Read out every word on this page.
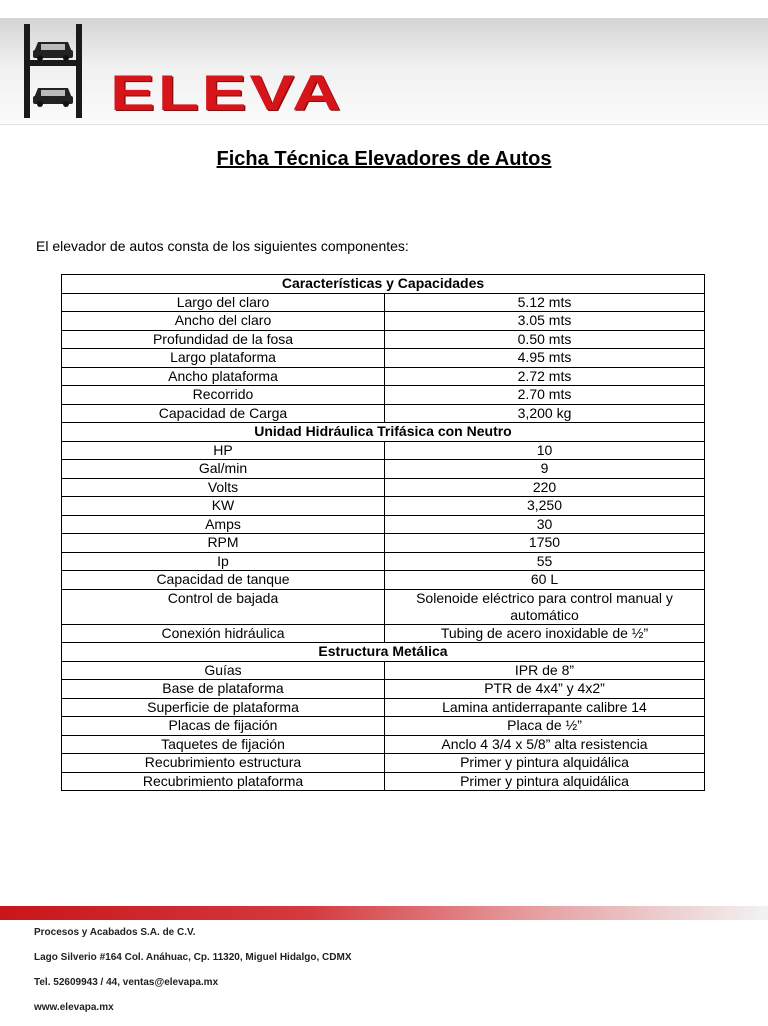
ELEVA
Ficha Técnica Elevadores de Autos
El elevador de autos consta de los siguientes componentes:
Características y Capacidades	
Largo del claro	5.12 mts
Ancho del claro	3.05 mts
Profundidad de la fosa	0.50 mts
Largo plataforma	4.95 mts
Ancho plataforma	2.72 mts
Recorrido	2.70 mts
Capacidad de Carga	3,200 kg
Unidad Hidráulica Trifásica con Neutro	
HP	10
Gal/min	9
Volts	220
KW	3,250
Amps	30
RPM	1750
Ip	55
Capacidad de tanque	60 L
Control de bajada	Solenoide eléctrico para control manual y automático
Conexión hidráulica	Tubing de acero inoxidable de ½”
Estructura Metálica	
Guías	IPR de 8”
Base de plataforma	PTR de 4x4” y 4x2”
Superficie de plataforma	Lamina antiderrapante calibre 14
Placas de fijación	Placa de ½”
Taquetes de fijación	Anclo 4 3/4 x 5/8” alta resistencia
Recubrimiento estructura	Primer y pintura alquidálica
Recubrimiento plataforma	Primer y pintura alquidálica
Procesos y Acabados S.A. de C.V.
Lago Silverio #164 Col. Anáhuac, Cp. 11320, Miguel Hidalgo, CDMX
Tel. 52609943 / 44, ventas@elevapa.mx
www.elevapa.mx
